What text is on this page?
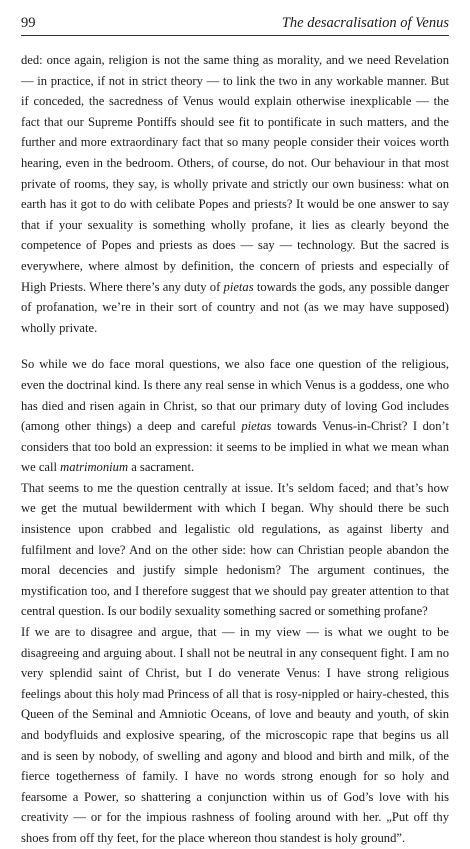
99	The desacralisation of Venus

ded: once again, religion is not the same thing as morality, and we need Revelation — in practice, if not in strict theory — to link the two in any workable manner. But if conceded, the sacredness of Venus would explain otherwise inexplicable — the fact that our Supreme Pontiffs should see fit to pontificate in such matters, and the further and more extraordinary fact that so many people consider their voices worth hearing, even in the bedroom. Others, of course, do not. Our behaviour in that most private of rooms, they say, is wholly private and strictly our own business: what on earth has it got to do with celibate Popes and priests? It would be one answer to say that if your sexuality is something wholly profane, it lies as clearly beyond the competence of Popes and priests as does — say — technology. But the sacred is everywhere, where almost by definition, the concern of priests and especially of High Priests. Where there’s any duty of pietas towards the gods, any possible danger of profanation, we’re in their sort of country and not (as we may have supposed) wholly private.

So while we do face moral questions, we also face one question of the religious, even the doctrinal kind. Is there any real sense in which Venus is a goddess, one who has died and risen again in Christ, so that our primary duty of loving God includes (among other things) a deep and careful pietas towards Venus-in-Christ? I don’t considers that too bold an expression: it seems to be implied in what we mean whan we call matrimonium a sacrament.

That seems to me the question centrally at issue. It’s seldom faced; and that’s how we get the mutual bewilderment with which I began. Why should there be such insistence upon crabbed and legalistic old regulations, as against liberty and fulfilment and love? And on the other side: how can Christian people abandon the moral decencies and justify simple hedonism? The argument continues, the mystification too, and I therefore suggest that we should pay greater attention to that central question. Is our bodily sexuality something sacred or something profane?

If we are to disagree and argue, that — in my view — is what we ought to be disagreeing and arguing about. I shall not be neutral in any consequent fight. I am no very splendid saint of Christ, but I do venerate Venus: I have strong religious feelings about this holy mad Princess of all that is rosy-nippled or hairy-chested, this Queen of the Seminal and Amniotic Oceans, of love and beauty and youth, of skin and bodyfluids and explosive spearing, of the microscopic rape that begins us all and is seen by nobody, of swelling and agony and blood and birth and milk, of the fierce togetherness of family. I have no words strong enough for so holy and fearsome a Power, so shattering a conjunction within us of God’s love with his creativity — or for the impious rashness of fooling around with her. „Put off thy shoes from off thy feet, for the place whereon thou standest is holy ground”.
